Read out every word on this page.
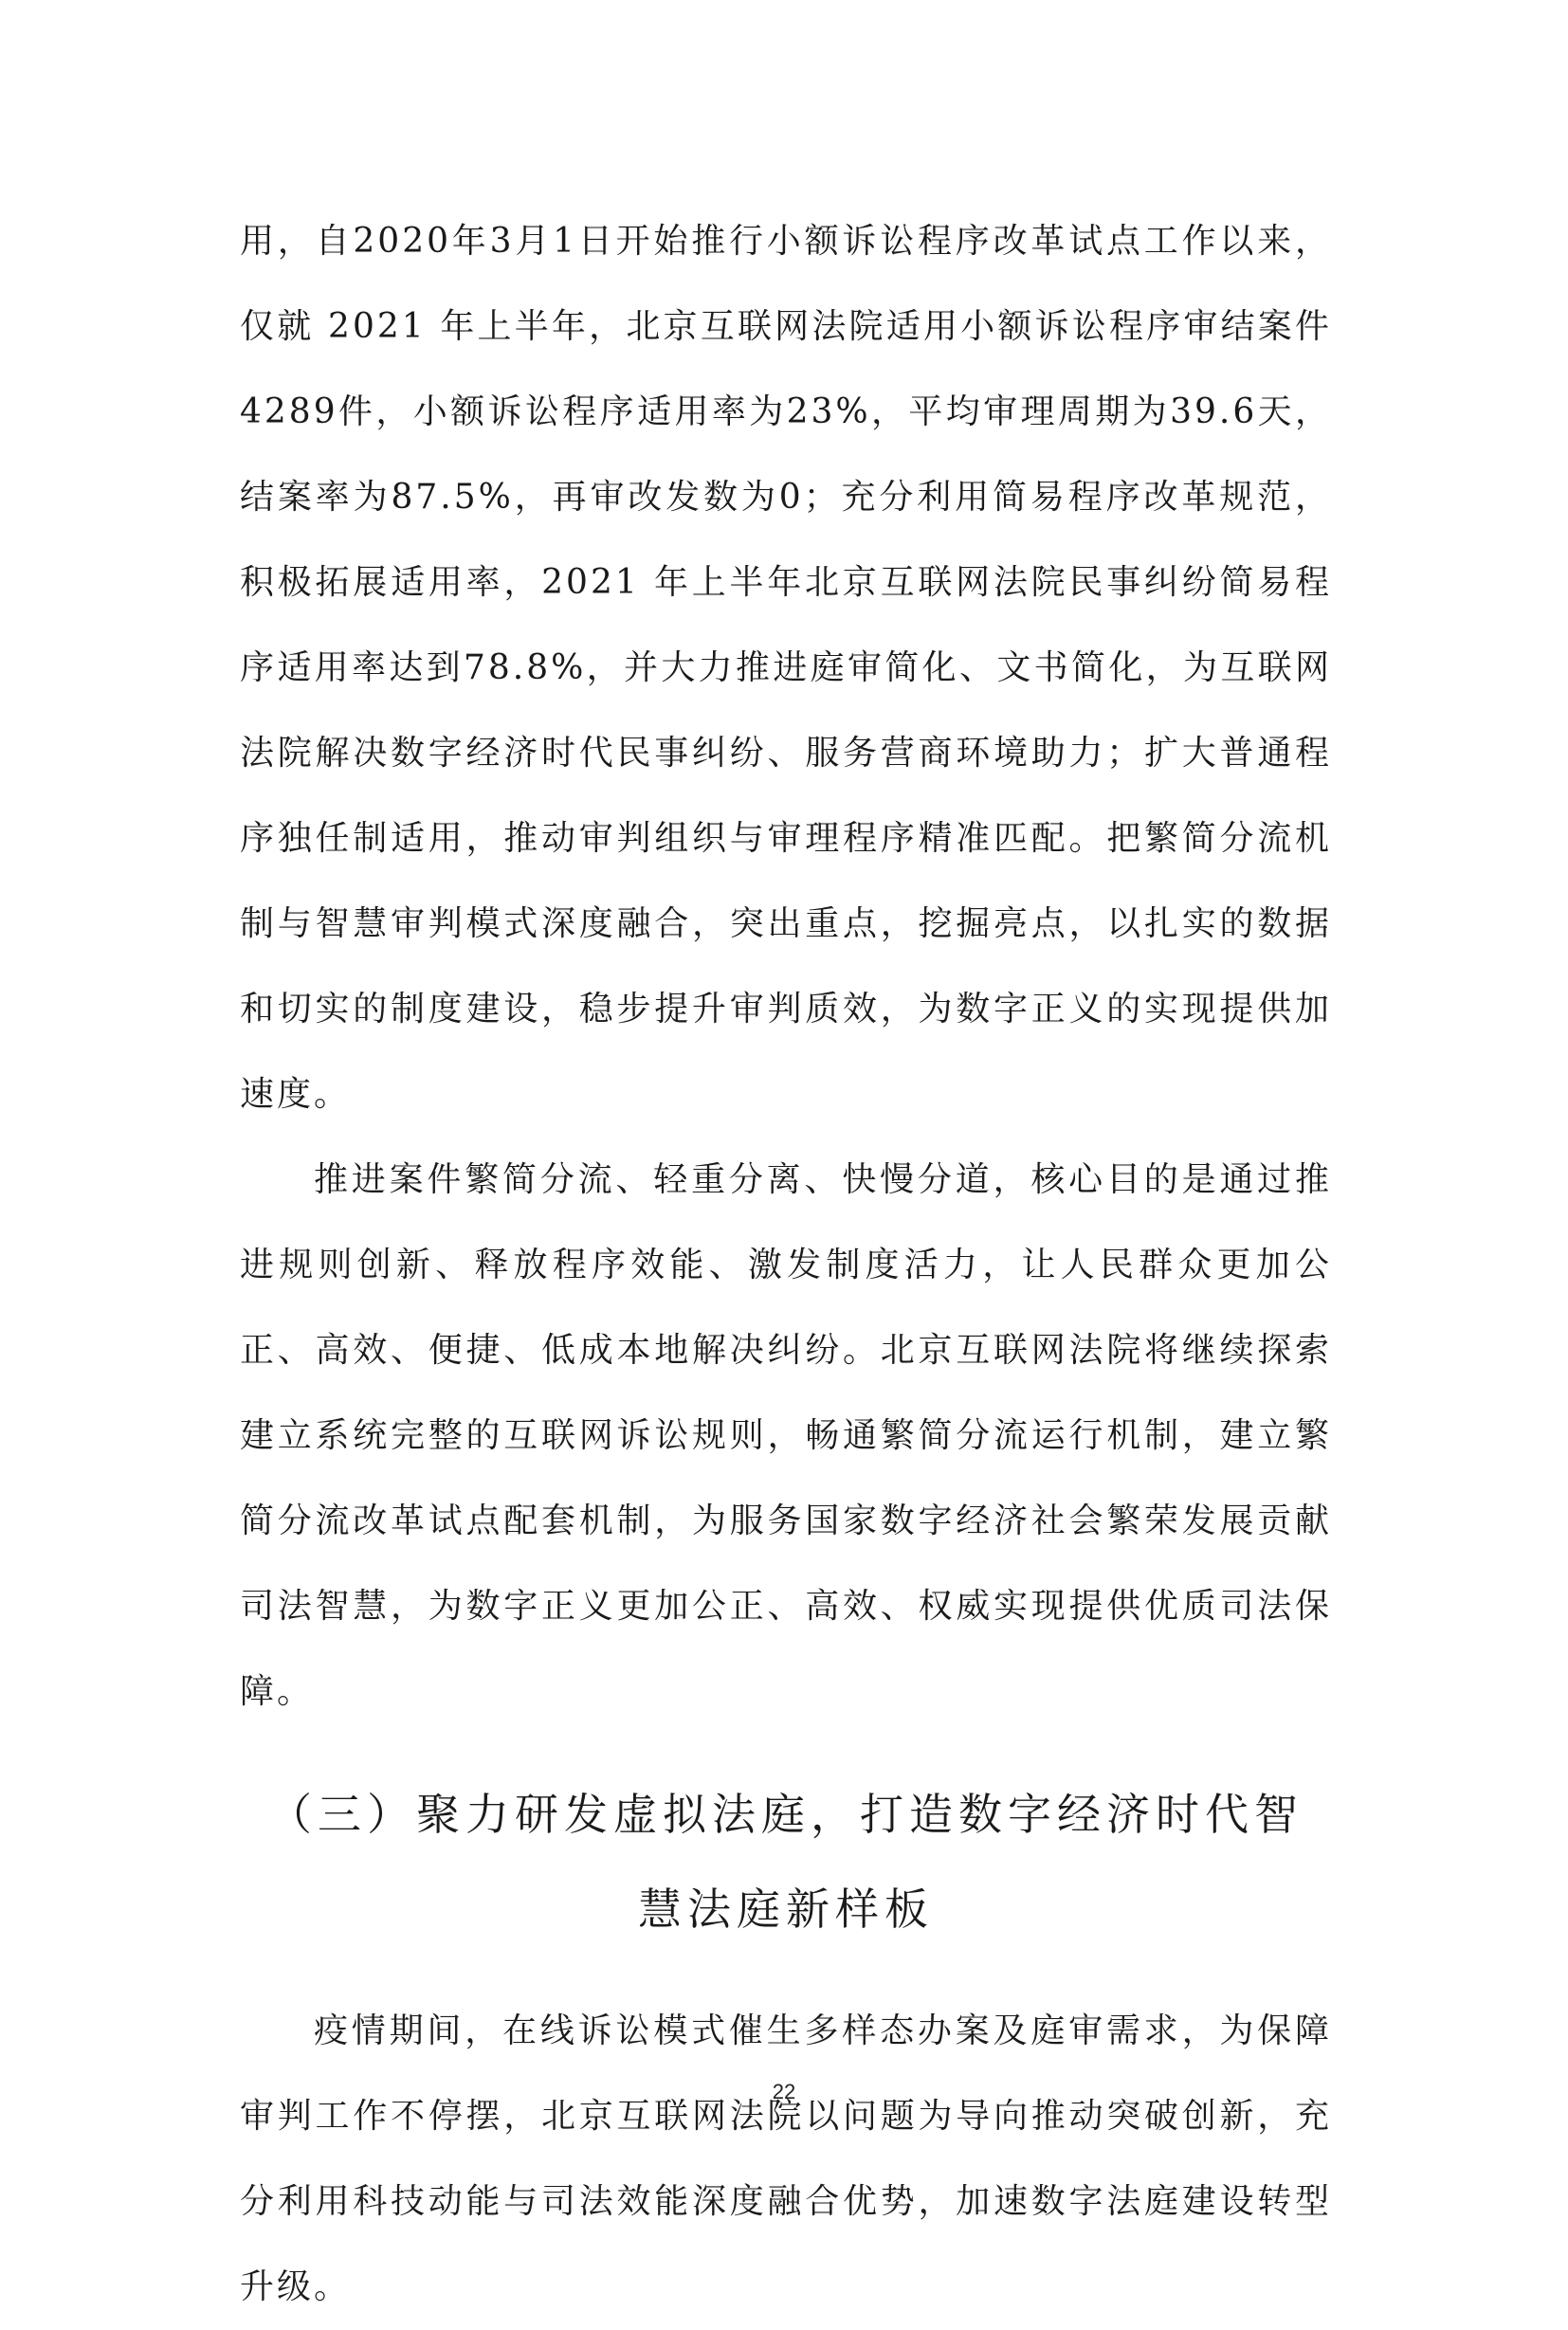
用，自2020年3月1日开始推行小额诉讼程序改革试点工作以来，仅就 2021 年上半年，北京互联网法院适用小额诉讼程序审结案件4289件，小额诉讼程序适用率为23%，平均审理周期为39.6天，结案率为87.5%，再审改发数为0；充分利用简易程序改革规范，积极拓展适用率，2021 年上半年北京互联网法院民事纠纷简易程序适用率达到78.8%，并大力推进庭审简化、文书简化，为互联网法院解决数字经济时代民事纠纷、服务营商环境助力；扩大普通程序独任制适用，推动审判组织与审理程序精准匹配。把繁简分流机制与智慧审判模式深度融合，突出重点，挖掘亮点，以扎实的数据和切实的制度建设，稳步提升审判质效，为数字正义的实现提供加速度。

推进案件繁简分流、轻重分离、快慢分道，核心目的是通过推进规则创新、释放程序效能、激发制度活力，让人民群众更加公正、高效、便捷、低成本地解决纠纷。北京互联网法院将继续探索建立系统完整的互联网诉讼规则，畅通繁简分流运行机制，建立繁简分流改革试点配套机制，为服务国家数字经济社会繁荣发展贡献司法智慧，为数字正义更加公正、高效、权威实现提供优质司法保障。

（三）聚力研发虚拟法庭，打造数字经济时代智慧法庭新样板

疫情期间，在线诉讼模式催生多样态办案及庭审需求，为保障审判工作不停摆，北京互联网法院以问题为导向推动突破创新，充分利用科技动能与司法效能深度融合优势，加速数字法庭建设转型升级。

22
